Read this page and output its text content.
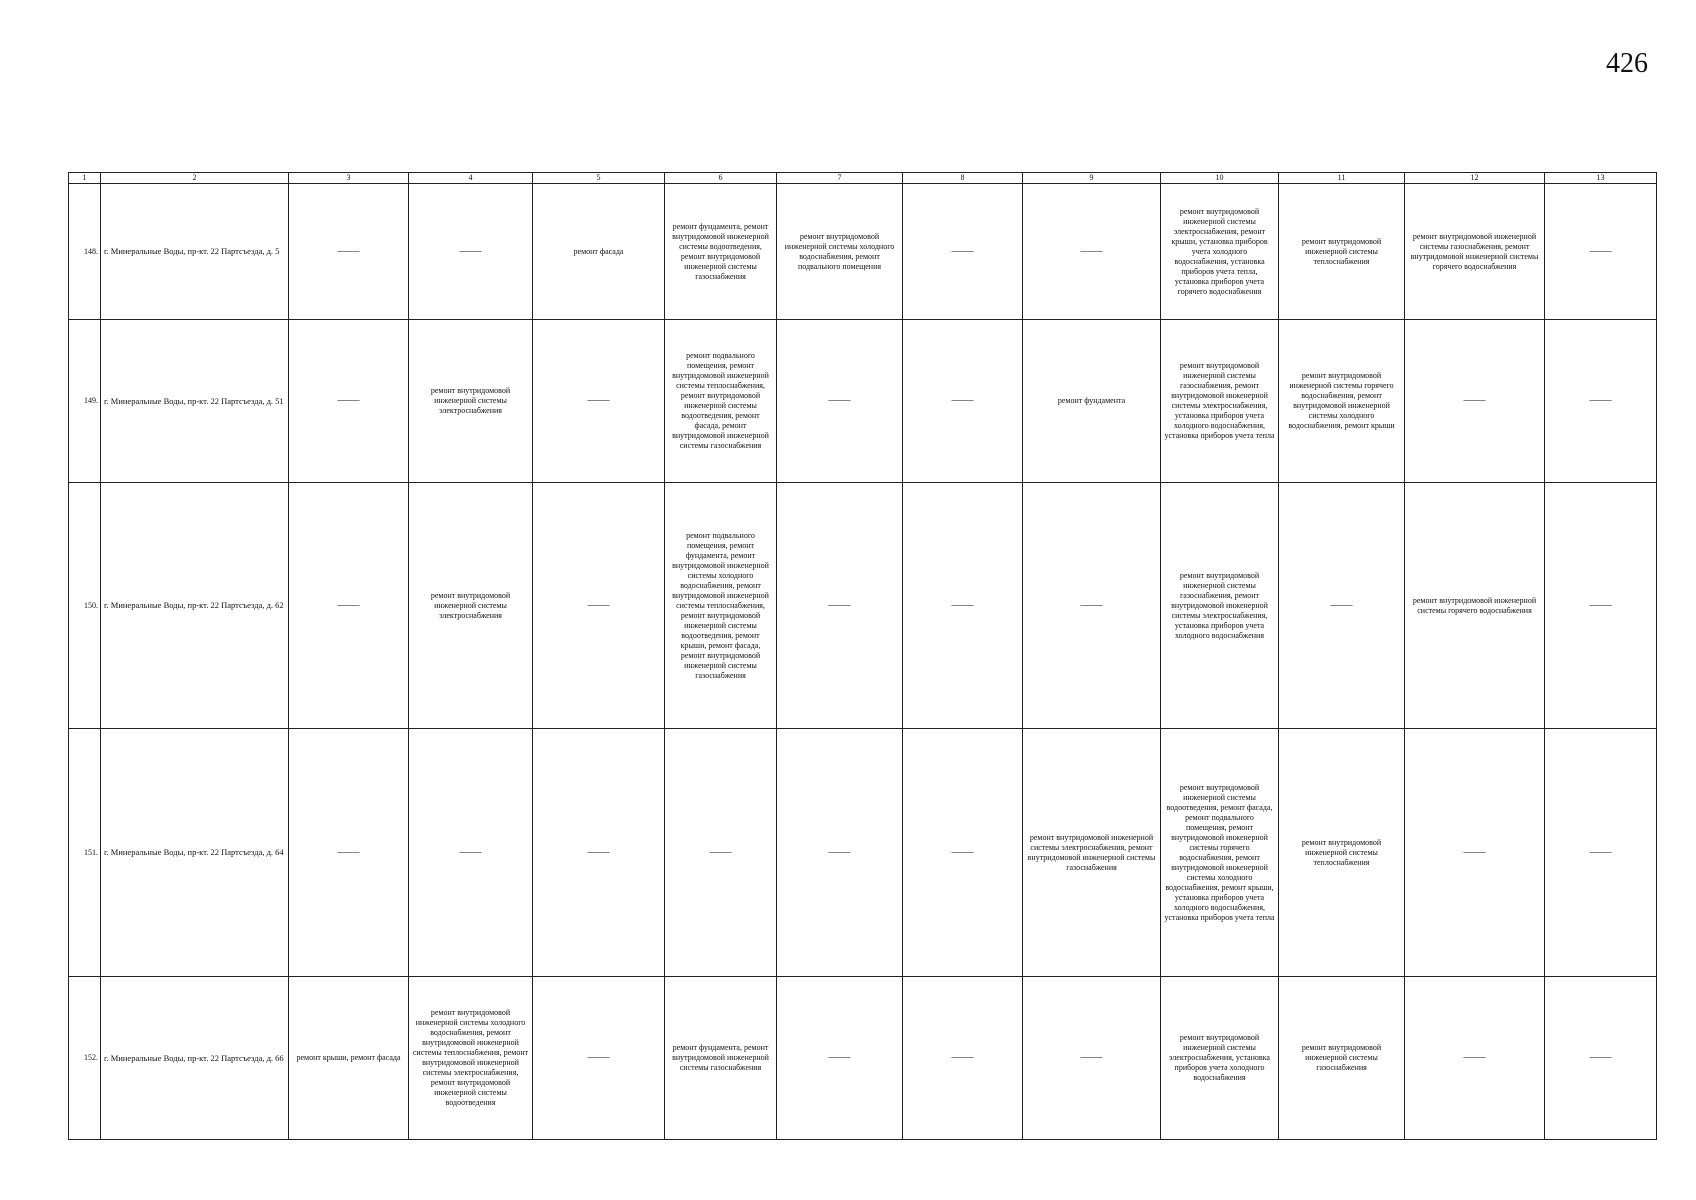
426
1	2	3	4	5	6	7	8	9	10	11	12	13
148.	г. Минеральные Воды, пр-кт. 22 Партсъезда, д. 5	——	——	ремонт фасада	ремонт фундамента, ремонт внутридомовой инженерной системы водоотведения, ремонт внутридомовой инженерной системы газоснабжения	ремонт внутридомовой инженерной системы холодного водоснабжения, ремонт подвального помещения	——	——	ремонт внутридомовой инженерной системы электроснабжения, ремонт крыши, установка приборов учета холодного водоснабжения, установка приборов учета тепла, установка приборов учета горячего водоснабжения	ремонт внутридомовой инженерной системы теплоснабжения	ремонт внутридомовой инженерной системы газоснабжения, ремонт внутридомовой инженерной системы горячего водоснабжения	——
149.	г. Минеральные Воды, пр-кт. 22 Партсъезда, д. 51	——	ремонт внутридомовой инженерной системы электроснабжения	——	ремонт подвального помещения, ремонт внутридомовой инженерной системы теплоснабжения, ремонт внутридомовой инженерной системы водоотведения, ремонт фасада, ремонт внутридомовой инженерной системы газоснабжения	——	——	ремонт фундамента	ремонт внутридомовой инженерной системы газоснабжения, ремонт внутридомовой инженерной системы электроснабжения, установка приборов учета холодного водоснабжения, установка приборов учета тепла	ремонт внутридомовой инженерной системы горячего водоснабжения, ремонт внутридомовой инженерной системы холодного водоснабжения, ремонт крыши	——	——
150.	г. Минеральные Воды, пр-кт. 22 Партсъезда, д. 62	——	ремонт внутридомовой инженерной системы электроснабжения	——	ремонт подвального помещения, ремонт фундамента, ремонт внутридомовой инженерной системы холодного водоснабжения, ремонт внутридомовой инженерной системы теплоснабжения, ремонт внутридомовой инженерной системы водоотведения, ремонт крыши, ремонт фасада, ремонт внутридомовой инженерной системы газоснабжения	——	——	——	ремонт внутридомовой инженерной системы газоснабжения, ремонт внутридомовой инженерной системы электроснабжения, установка приборов учета холодного водоснабжения	——	ремонт внутридомовой инженерной системы горячего водоснабжения	——
151.	г. Минеральные Воды, пр-кт. 22 Партсъезда, д. 64	——	——	——	——	——	——	ремонт внутридомовой инженерной системы электроснабжения, ремонт внутридомовой инженерной системы газоснабжения	ремонт внутридомовой инженерной системы водоотведения, ремонт фасада, ремонт подвального помещения, ремонт внутридомовой инженерной системы горячего водоснабжения, ремонт внутридомовой инженерной системы холодного водоснабжения, ремонт крыши, установка приборов учета холодного водоснабжения, установка приборов учета тепла	ремонт внутридомовой инженерной системы теплоснабжения	——	——
152.	г. Минеральные Воды, пр-кт. 22 Партсъезда, д. 66	ремонт крыши, ремонт фасада	ремонт внутридомовой инженерной системы холодного водоснабжения, ремонт внутридомовой инженерной системы теплоснабжения, ремонт внутридомовой инженерной системы электроснабжения, ремонт внутридомовой инженерной системы водоотведения	——	ремонт фундамента, ремонт внутридомовой инженерной системы газоснабжения	——	——	——	ремонт внутридомовой инженерной системы электроснабжения, установка приборов учета холодного водоснабжения	ремонт внутридомовой инженерной системы газоснабжения	——	——
